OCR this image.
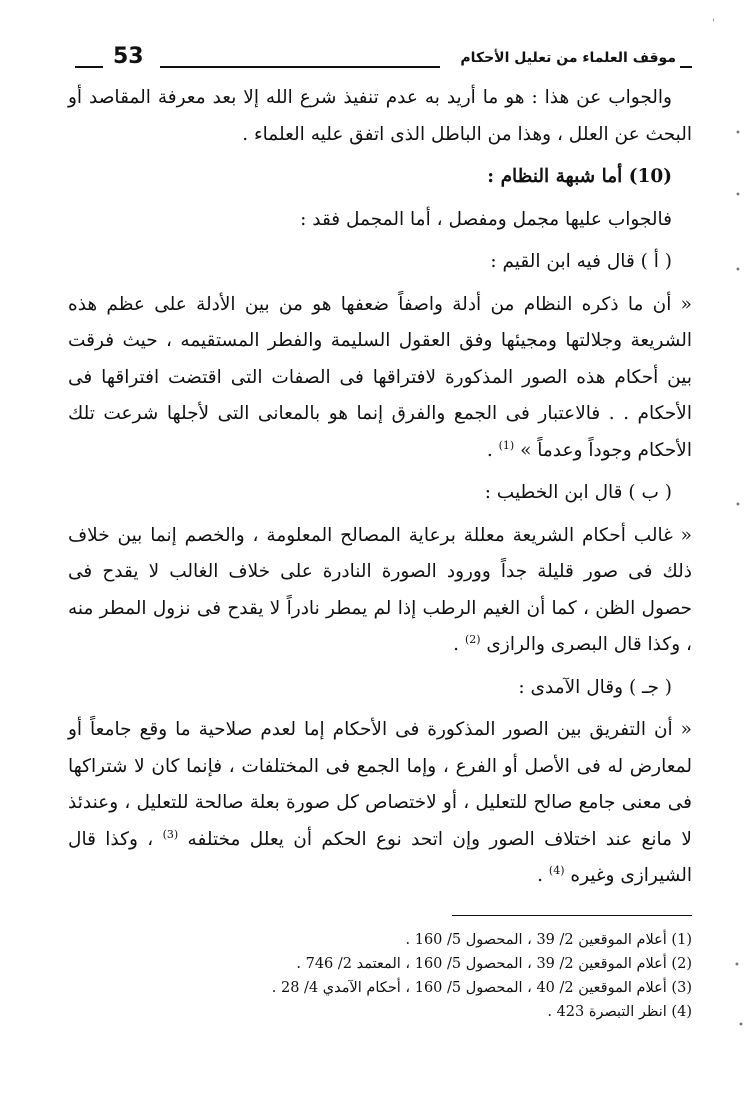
53	موقف العلماء من تعليل الأحكام

والجواب عن هذا : هو ما أريد به عدم تنفيذ شرع الله إلا بعد معرفة المقاصد أو البحث عن العلل ، وهذا من الباطل الذى اتفق عليه العلماء .

(10) أما شبهة النظام :

فالجواب عليها مجمل ومفصل ، أما المجمل فقد :

( أ ) قال فيه ابن القيم :

« أن ما ذكره النظام من أدلة واصفاً ضعفها هو من بين الأدلة على عظم هذه الشريعة وجلالتها ومجيئها وفق العقول السليمة والفطر المستقيمه ، حيث فرقت بين أحكام هذه الصور المذكورة لافتراقها فى الصفات التى اقتضت افتراقها فى الأحكام . . فالاعتبار فى الجمع والفرق إنما هو بالمعانى التى لأجلها شرعت تلك الأحكام وجوداً وعدماً » $^{(1)}$ .

( ب ) قال ابن الخطيب :

« غالب أحكام الشريعة معللة برعاية المصالح المعلومة ، والخصم إنما بين خلاف ذلك فى صور قليلة جداً وورود الصورة النادرة على خلاف الغالب لا يقدح فى حصول الظن ، كما أن الغيم الرطب إذا لم يمطر نادراً لا يقدح فى نزول المطر منه ، وكذا قال البصرى والرازى $^{(2)}$ .

( جـ ) وقال الآمدى :

« أن التفريق بين الصور المذكورة فى الأحكام إما لعدم صلاحية ما وقع جامعاً أو لمعارض له فى الأصل أو الفرع ، وإما الجمع فى المختلفات ، فإنما كان لا شتراكها فى معنى جامع صالح للتعليل ، أو لاختصاص كل صورة بعلة صالحة للتعليل ، وعندئذ لا مانع عند اختلاف الصور وإن اتحد نوع الحكم أن يعلل مختلفه $^{(3)}$ ، وكذا قال الشيرازى وغيره $^{(4)}$ .

(1) أعلام الموقعين 2/ 39 ، المحصول 5/ 160 .
(2) أعلام الموقعين 2/ 39 ، المحصول 5/ 160 ، المعتمد 2/ 746 .
(3) أعلام الموقعين 2/ 40 ، المحصول 5/ 160 ، أحكام الآمدي 4/ 28 .
(4) انظر التبصرة 423 .
'
•
•
•
•
•
•
